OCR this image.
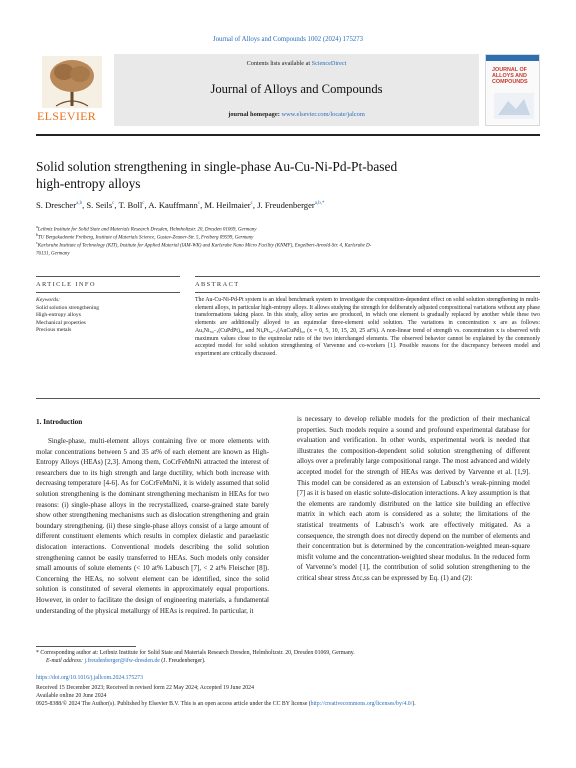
Journal of Alloys and Compounds 1002 (2024) 175273
ELSEVIER
Contents lists available at ScienceDirect
Journal of Alloys and Compounds
journal homepage: www.elsevier.com/locate/jalcom
JOURNAL OF
ALLOYS AND
COMPOUNDS
Solid solution strengthening in single-phase Au-Cu-Ni-Pd-Pt-based
high-entropy alloys
S. Drescher$^{a,b}$, S. Seils$^c$, T. Boll$^c$, A. Kauffmann$^c$, M. Heilmaier$^c$, J. Freudenberger$^{a,b,*}$
$^a$Leibniz Institute for Solid State and Materials Research Dresden, Helmholtzstr. 20, Dresden 01069, Germany
$^b$TU Bergakademie Freiberg, Institute of Materials Science, Gustav-Zeuner-Str. 5, Freiberg 09599, Germany
$^c$Karlsruhe Institute of Technology (KIT), Institute for Applied Material (IAM-WK) and Karlsruhe Nano Micro Facility (KNMF), Engelbert-Arnold-Str. 4, Karlsruhe D-
76131, Germany
ARTICLE INFO	ABSTRACT
Keywords:
Solid solution strengthening
High-entropy alloys
Mechanical properties
Precious metals
The Au-Cu-Ni-Pd-Pt system is an ideal benchmark system to investigate the composition-dependent effect on solid solution strengthening in multi-element alloys, in particular high-entropy alloys. It allows studying the strength for deliberately adjusted compositional variations without any phase transformations taking place. In this study, alloy series are produced, in which one element is gradually replaced by another while these two elements are additionally alloyed to an equimolar three-element solid solution. The variations in concentration x are as follows: AuₓNi₅₀₋ₓ(CuPdPt)₅₀ and NiₓPt₅₀₋ₓ(AuCuPd)₅₀ (x = 0, 5, 10, 15, 20, 25 at%). A non-linear trend of strength vs. concentration x is observed with maximum values close to the equimolar ratio of the two interchanged elements. The observed behavior cannot be explained by the commonly accepted model for solid solution strengthening of Varvenne and co-workers [1]. Possible reasons for the discrepancy between model and experiment are critically discussed.
1. Introduction
Single-phase, multi-element alloys containing five or more elements with molar concentrations between 5 and 35 at% of each element are known as High-Entropy Alloys (HEAs) [2,3]. Among them, CoCrFeMnNi attracted the interest of researchers due to its high strength and large ductility, which both increase with decreasing temperature [4-6]. As for CoCrFeMnNi, it is widely assumed that solid solution strengthening is the dominant strengthening mechanism in HEAs for two reasons: (i) single-phase alloys in the recrystallized, coarse-grained state barely show other strengthening mechanisms such as dislocation strengthening and grain boundary strengthening. (ii) these single-phase alloys consist of a large amount of different constituent elements which results in complex dielastic and paraelastic dislocation interactions. Conventional models describing the solid solution strengthening cannot be easily transferred to HEAs. Such models only consider small amounts of solute elements (< 10 at% Labusch [7], < 2 at% Fleischer [8]). Concerning the HEAs, no solvent element can be identified, since the solid solution is constituted of several elements in approximately equal proportions. However, in order to facilitate the design of engineering materials, a fundamental understanding of the physical metallurgy of HEAs is required. In particular, it
is necessary to develop reliable models for the prediction of their mechanical properties. Such models require a sound and profound experimental database for evaluation and verification. In other words, experimental work is needed that illustrates the composition-dependent solid solution strengthening of different alloys over a preferably large compositional range. The most advanced and widely accepted model for the strength of HEAs was derived by Varvenne et al. [1,9]. This model can be considered as an extension of Labusch’s weak-pinning model [7] as it is based on elastic solute-dislocation interactions. A key assumption is that the elements are randomly distributed on the lattice site building an effective matrix in which each atom is considered as a solute; the limitations of the statistical treatments of Labusch’s work are effectively mitigated. As a consequence, the strength does not directly depend on the number of elements and their concentration but is determined by the concentration-weighted mean-square misfit volume and the concentration-weighted shear modulus. In the reduced form of Varvenne’s model [1], the contribution of solid solution strengthening to the critical shear stress Δτc,ss can be expressed by Eq. (1) and (2):
* Corresponding author at: Leibniz Institute for Solid State and Materials Research Dresden, Helmholtzstr. 20, Dresden 01069, Germany.
E-mail address: j.freudenberger@ifw-dresden.de (J. Freudenberger).
https://doi.org/10.1016/j.jallcom.2024.175273
Received 15 December 2023; Received in revised form 22 May 2024; Accepted 19 June 2024
Available online 20 June 2024
0925-8388/© 2024 The Author(s). Published by Elsevier B.V. This is an open access article under the CC BY license (http://creativecommons.org/licenses/by/4.0/).
